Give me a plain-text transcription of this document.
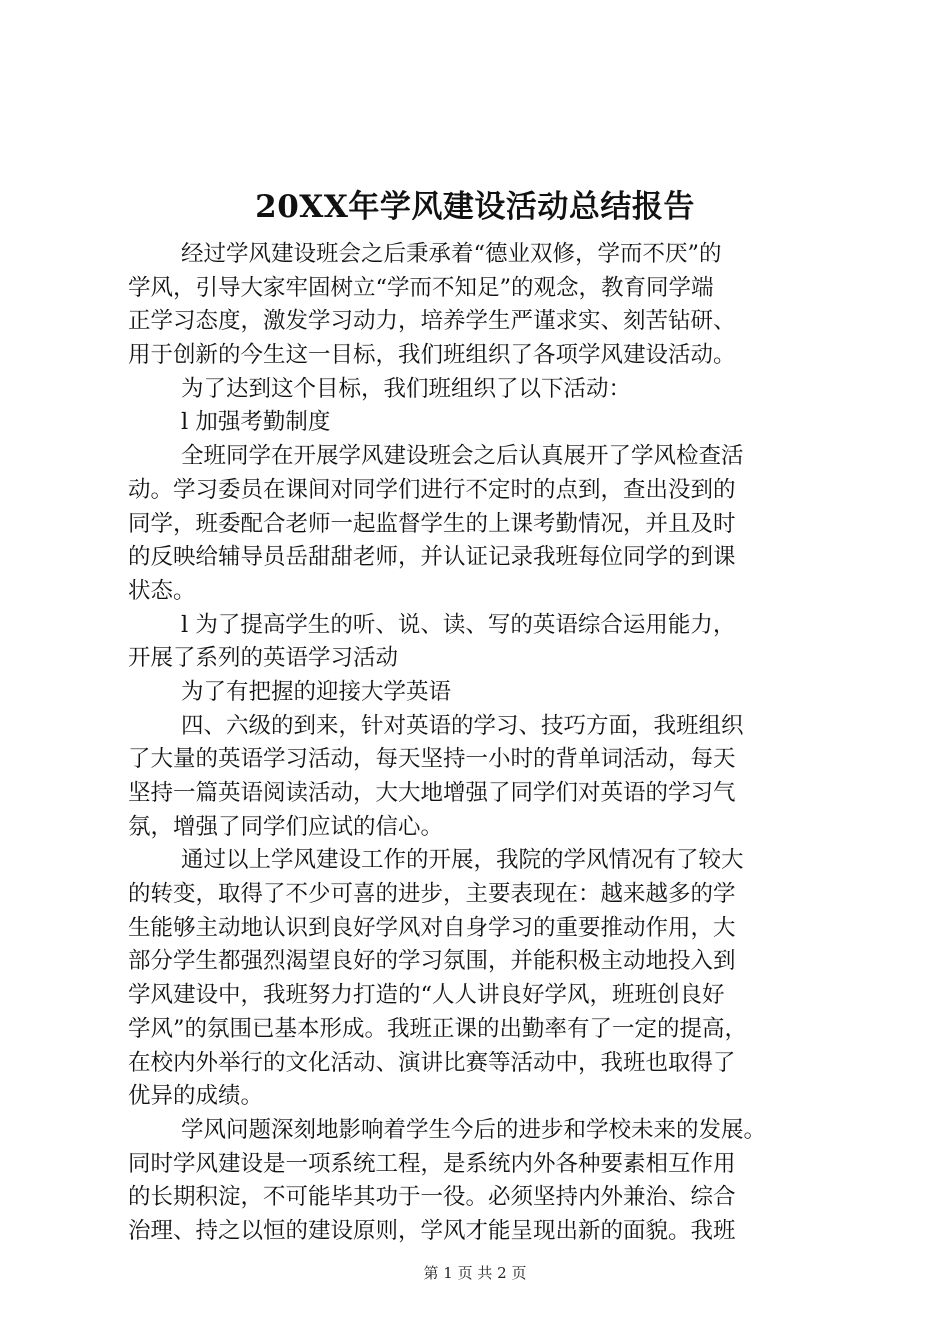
20XX年学风建设活动总结报告
经过学风建设班会之后秉承着“德业双修，学而不厌”的
学风，引导大家牢固树立“学而不知足”的观念，教育同学端
正学习态度，激发学习动力，培养学生严谨求实、刻苦钻研、
用于创新的今生这一目标，我们班组织了各项学风建设活动。
为了达到这个目标，我们班组织了以下活动：
l 加强考勤制度
全班同学在开展学风建设班会之后认真展开了学风检查活
动。学习委员在课间对同学们进行不定时的点到，查出没到的
同学，班委配合老师一起监督学生的上课考勤情况，并且及时
的反映给辅导员岳甜甜老师，并认证记录我班每位同学的到课
状态。
l 为了提高学生的听、说、读、写的英语综合运用能力，
开展了系列的英语学习活动
为了有把握的迎接大学英语
四、六级的到来，针对英语的学习、技巧方面，我班组织
了大量的英语学习活动，每天坚持一小时的背单词活动，每天
坚持一篇英语阅读活动，大大地增强了同学们对英语的学习气
氛，增强了同学们应试的信心。
通过以上学风建设工作的开展，我院的学风情况有了较大
的转变，取得了不少可喜的进步，主要表现在：越来越多的学
生能够主动地认识到良好学风对自身学习的重要推动作用，大
部分学生都强烈渴望良好的学习氛围，并能积极主动地投入到
学风建设中，我班努力打造的“人人讲良好学风，班班创良好
学风”的氛围已基本形成。我班正课的出勤率有了一定的提高，
在校内外举行的文化活动、演讲比赛等活动中，我班也取得了
优异的成绩。
学风问题深刻地影响着学生今后的进步和学校未来的发展。
同时学风建设是一项系统工程，是系统内外各种要素相互作用
的长期积淀，不可能毕其功于一役。必须坚持内外兼治、综合
治理、持之以恒的建设原则，学风才能呈现出新的面貌。我班
第 1 页 共 2 页
